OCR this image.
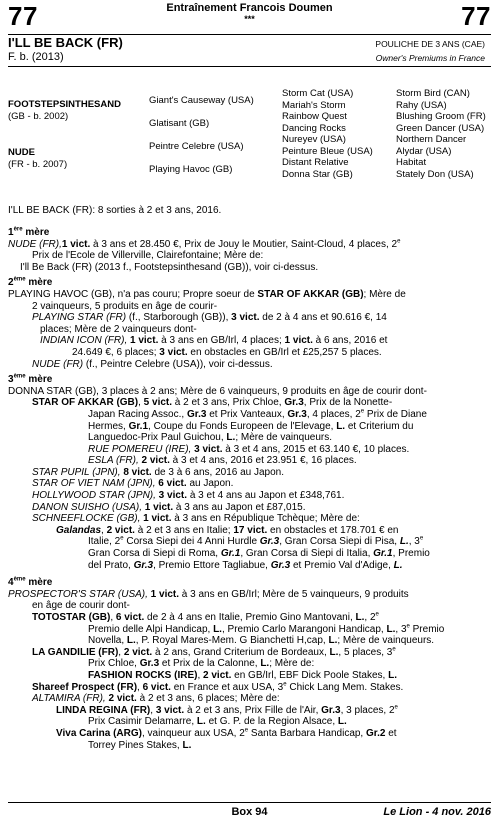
77	77
Entraînement Francois Doumen
***
I'LL BE BACK (FR)
F. b. (2013)
POULICHE DE 3 ANS (CAE)
Owner's Premiums in France
FOOTSTEPSINTHESAND
(GB - b. 2002)
NUDE
(FR - b. 2007)
Giant's Causeway (USA)
Glatisant (GB)
Peintre Celebre (USA)
Playing Havoc (GB)
Storm Cat (USA)
Mariah's Storm
Rainbow Quest
Dancing Rocks
Nureyev (USA)
Peinture Bleue (USA)
Distant Relative
Donna Star (GB)
Storm Bird (CAN)
Rahy (USA)
Blushing Groom (FR)
Green Dancer (USA)
Northern Dancer
Alydar (USA)
Habitat
Stately Don (USA)
I'LL BE BACK (FR): 8 sorties à 2 et 3 ans, 2016.

1ère mère

NUDE (FR),1 vict. à 3 ans et 28.450 €, Prix de Jouy le Moutier, Saint-Cloud, 4 places, 2e

Prix de l'Ecole de Villerville, Clairefontaine; Mère de:

I'll Be Back (FR) (2013 f., Footstepsinthesand (GB)), voir ci-dessus.

2ème mère

PLAYING HAVOC (GB), n'a pas couru; Propre soeur de STAR OF AKKAR (GB); Mère de

2 vainqueurs, 5 produits en âge de courir-

PLAYING STAR (FR) (f., Starborough (GB)), 3 vict. de 2 à 4 ans et 90.616 €, 14

places; Mère de 2 vainqueurs dont-

INDIAN ICON (FR), 1 vict. à 3 ans en GB/Irl, 4 places; 1 vict. à 6 ans, 2016 et

24.649 €, 6 places; 3 vict. en obstacles en GB/Irl et £25,257 5 places.

NUDE (FR) (f., Peintre Celebre (USA)), voir ci-dessus.

3ème mère

DONNA STAR (GB), 3 places à 2 ans; Mère de 6 vainqueurs, 9 produits en âge de courir dont-

STAR OF AKKAR (GB), 5 vict. à 2 et 3 ans, Prix Chloe, Gr.3, Prix de la Nonette-

Japan Racing Assoc., Gr.3 et Prix Vanteaux, Gr.3, 4 places, 2e Prix de Diane

Hermes, Gr.1, Coupe du Fonds Europeen de l'Elevage, L. et Criterium du

Languedoc-Prix Paul Guichou, L.; Mère de vainqueurs.

RUE POMEREU (IRE), 3 vict. à 3 et 4 ans, 2015 et 63.140 €, 10 places.

ESLA (FR), 2 vict. à 3 et 4 ans, 2016 et 23.951 €, 16 places.

STAR PUPIL (JPN), 8 vict. de 3 à 6 ans, 2016 au Japon.

STAR OF VIET NAM (JPN), 6 vict. au Japon.

HOLLYWOOD STAR (JPN), 3 vict. à 3 et 4 ans au Japon et £348,761.

DANON SUISHO (USA), 1 vict. à 3 ans au Japon et £87,015.

SCHNEEFLOCKE (GB), 1 vict. à 3 ans en République Tchèque; Mère de:

Galandas, 2 vict. à 2 et 3 ans en Italie; 17 vict. en obstacles et 178.701 € en

Italie, 2e Corsa Siepi dei 4 Anni Hurdle Gr.3, Gran Corsa Siepi di Pisa, L., 3e

Gran Corsa di Siepi di Roma, Gr.1, Gran Corsa di Siepi di Italia, Gr.1, Premio

del Prato, Gr.3, Premio Ettore Tagliabue, Gr.3 et Premio Val d'Adige, L.

4ème mère

PROSPECTOR'S STAR (USA), 1 vict. à 3 ans en GB/Irl; Mère de 5 vainqueurs, 9 produits

en âge de courir dont-

TOTOSTAR (GB), 6 vict. de 2 à 4 ans en Italie, Premio Gino Mantovani, L., 2e

Premio delle Alpi Handicap, L., Premio Carlo Marangoni Handicap, L., 3e Premio

Novella, L., P. Royal Mares-Mem. G Bianchetti H,cap, L.; Mère de vainqueurs.

LA GANDILIE (FR), 2 vict. à 2 ans, Grand Criterium de Bordeaux, L., 5 places, 3e

Prix Chloe, Gr.3 et Prix de la Calonne, L.; Mère de:

FASHION ROCKS (IRE), 2 vict. en GB/Irl, EBF Dick Poole Stakes, L.

Shareef Prospect (FR), 6 vict. en France et aux USA, 3e Chick Lang Mem. Stakes.

ALTAMIRA (FR), 2 vict. à 2 et 3 ans, 6 places; Mère de:

LINDA REGINA (FR), 3 vict. à 2 et 3 ans, Prix Fille de l'Air, Gr.3, 3 places, 2e

Prix Casimir Delamarre, L. et G. P. de la Region Alsace, L.

Viva Carina (ARG), vainqueur aux USA, 2e Santa Barbara Handicap, Gr.2 et

Torrey Pines Stakes, L.

Box 94	Le Lion - 4 nov. 2016
